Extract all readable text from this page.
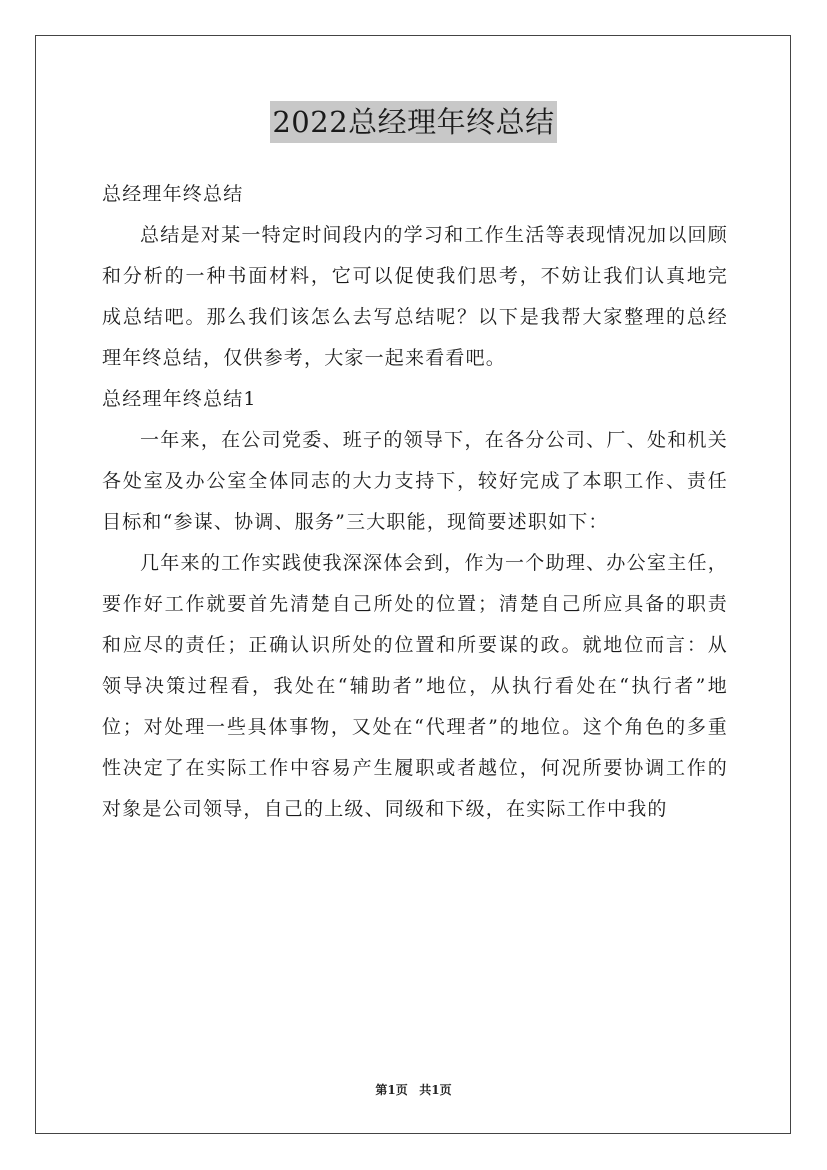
2022总经理年终总结

总经理年终总结

总结是对某一特定时间段内的学习和工作生活等表现情况加以回顾和分析的一种书面材料，它可以促使我们思考，不妨让我们认真地完成总结吧。那么我们该怎么去写总结呢？以下是我帮大家整理的总经理年终总结，仅供参考，大家一起来看看吧。

总经理年终总结1

一年来，在公司党委、班子的领导下，在各分公司、厂、处和机关各处室及办公室全体同志的大力支持下，较好完成了本职工作、责任目标和“参谋、协调、服务”三大职能，现简要述职如下：

几年来的工作实践使我深深体会到，作为一个助理、办公室主任，要作好工作就要首先清楚自己所处的位置；清楚自己所应具备的职责和应尽的责任；正确认识所处的位置和所要谋的政。就地位而言：从领导决策过程看，我处在“辅助者”地位，从执行看处在“执行者”地位；对处理一些具体事物，又处在“代理者”的地位。这个角色的多重性决定了在实际工作中容易产生履职或者越位，何况所要协调工作的对象是公司领导，自己的上级、同级和下级，在实际工作中我的

第1页 共1页
